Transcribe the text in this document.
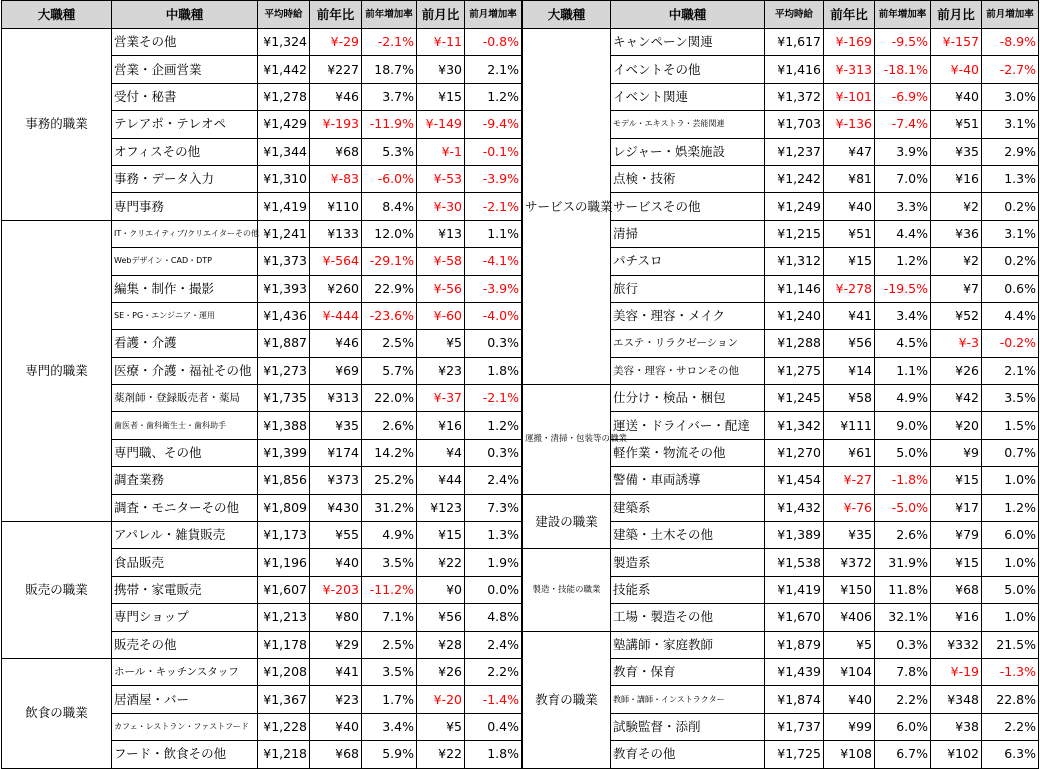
大職種	中職種	平均時給	前年比	前年増加率	前月比	前月増加率
事務的職業	営業その他	¥1,324	¥-29	-2.1%	¥-11	-0.8%
	営業・企画営業	¥1,442	¥227	18.7%	¥30	2.1%
	受付・秘書	¥1,278	¥46	3.7%	¥15	1.2%
	テレアポ・テレオペ	¥1,429	¥-193	-11.9%	¥-149	-9.4%
	オフィスその他	¥1,344	¥68	5.3%	¥-1	-0.1%
	事務・データ入力	¥1,310	¥-83	-6.0%	¥-53	-3.9%
	専門事務	¥1,419	¥110	8.4%	¥-30	-2.1%
専門的職業	IT・クリエイティブ/クリエイターその他	¥1,241	¥133	12.0%	¥13	1.1%
	Webデザイン・CAD・DTP	¥1,373	¥-564	-29.1%	¥-58	-4.1%
	編集・制作・撮影	¥1,393	¥260	22.9%	¥-56	-3.9%
	SE・PG・エンジニア・運用	¥1,436	¥-444	-23.6%	¥-60	-4.0%
	看護・介護	¥1,887	¥46	2.5%	¥5	0.3%
	医療・介護・福祉その他	¥1,273	¥69	5.7%	¥23	1.8%
	薬剤師・登録販売者・薬局	¥1,735	¥313	22.0%	¥-37	-2.1%
	歯医者・歯科衛生士・歯科助手	¥1,388	¥35	2.6%	¥16	1.2%
	専門職、その他	¥1,399	¥174	14.2%	¥4	0.3%
	調査業務	¥1,856	¥373	25.2%	¥44	2.4%
	調査・モニターその他	¥1,809	¥430	31.2%	¥123	7.3%
販売の職業	アパレル・雑貨販売	¥1,173	¥55	4.9%	¥15	1.3%
	食品販売	¥1,196	¥40	3.5%	¥22	1.9%
	携帯・家電販売	¥1,607	¥-203	-11.2%	¥0	0.0%
	専門ショップ	¥1,213	¥80	7.1%	¥56	4.8%
	販売その他	¥1,178	¥29	2.5%	¥28	2.4%
飲食の職業	ホール・キッチンスタッフ	¥1,208	¥41	3.5%	¥26	2.2%
	居酒屋・バー	¥1,367	¥23	1.7%	¥-20	-1.4%
	カフェ・レストラン・ファストフード	¥1,228	¥40	3.4%	¥5	0.4%
	フード・飲食その他	¥1,218	¥68	5.9%	¥22	1.8%
大職種	中職種	平均時給	前年比	前年増加率	前月比	前月増加率
サービスの職業	キャンペーン関連	¥1,617	¥-169	-9.5%	¥-157	-8.9%
	イベントその他	¥1,416	¥-313	-18.1%	¥-40	-2.7%
	イベント関連	¥1,372	¥-101	-6.9%	¥40	3.0%
	モデル・エキストラ・芸能関連	¥1,703	¥-136	-7.4%	¥51	3.1%
	レジャー・娯楽施設	¥1,237	¥47	3.9%	¥35	2.9%
	点検・技術	¥1,242	¥81	7.0%	¥16	1.3%
	サービスその他	¥1,249	¥40	3.3%	¥2	0.2%
	清掃	¥1,215	¥51	4.4%	¥36	3.1%
	パチスロ	¥1,312	¥15	1.2%	¥2	0.2%
	旅行	¥1,146	¥-278	-19.5%	¥7	0.6%
	美容・理容・メイク	¥1,240	¥41	3.4%	¥52	4.4%
	エステ・リラクゼーション	¥1,288	¥56	4.5%	¥-3	-0.2%
	美容・理容・サロンその他	¥1,275	¥14	1.1%	¥26	2.1%
運搬・清掃・包装等の職業	仕分け・検品・梱包	¥1,245	¥58	4.9%	¥42	3.5%
	運送・ドライバー・配達	¥1,342	¥111	9.0%	¥20	1.5%
	軽作業・物流その他	¥1,270	¥61	5.0%	¥9	0.7%
	警備・車両誘導	¥1,454	¥-27	-1.8%	¥15	1.0%
建設の職業	建築系	¥1,432	¥-76	-5.0%	¥17	1.2%
	建築・土木その他	¥1,389	¥35	2.6%	¥79	6.0%
製造・技能の職業	製造系	¥1,538	¥372	31.9%	¥15	1.0%
	技能系	¥1,419	¥150	11.8%	¥68	5.0%
	工場・製造その他	¥1,670	¥406	32.1%	¥16	1.0%
教育の職業	塾講師・家庭教師	¥1,879	¥5	0.3%	¥332	21.5%
	教育・保育	¥1,439	¥104	7.8%	¥-19	-1.3%
	教師・講師・インストラクター	¥1,874	¥40	2.2%	¥348	22.8%
	試験監督・添削	¥1,737	¥99	6.0%	¥38	2.2%
	教育その他	¥1,725	¥108	6.7%	¥102	6.3%
